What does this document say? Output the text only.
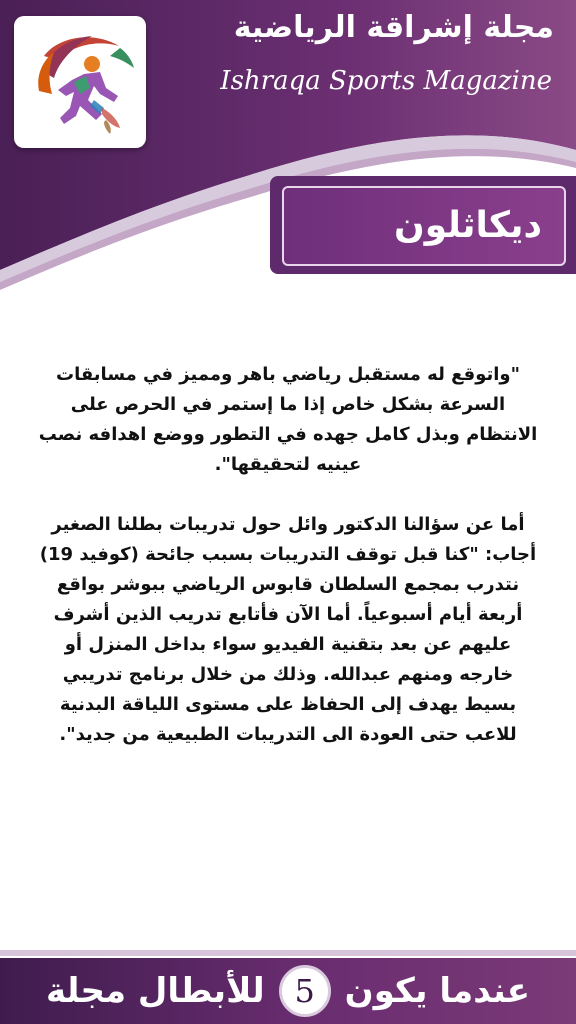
مجلة إشراقة الرياضية
Ishraqa Sports Magazine
ديكاثلون

"واتوقع له مستقبل رياضي باهر ومميز في مسابقات السرعة بشكل خاص إذا ما إستمر في الحرص على الانتظام وبذل كامل جهده في التطور ووضع اهدافه نصب عينيه لتحقيقها".

أما عن سؤالنا الدكتور وائل حول تدريبات بطلنا الصغير أجاب: "كنا قبل توقف التدريبات بسبب جائحة (كوفيد 19) نتدرب بمجمع السلطان قابوس الرياضي ببوشر بواقع أربعة أيام أسبوعياً. أما الآن فأتابع تدريب الذين أشرف عليهم عن بعد بتقنية الفيديو سواء بداخل المنزل أو خارجه ومنهم عبدالله. وذلك من خلال برنامج تدريبي بسيط يهدف إلى الحفاظ على مستوى اللياقة البدنية للاعب حتى العودة الى التدريبات الطبيعية من جديد".

عندما يكون
5
للأبطال مجلة
